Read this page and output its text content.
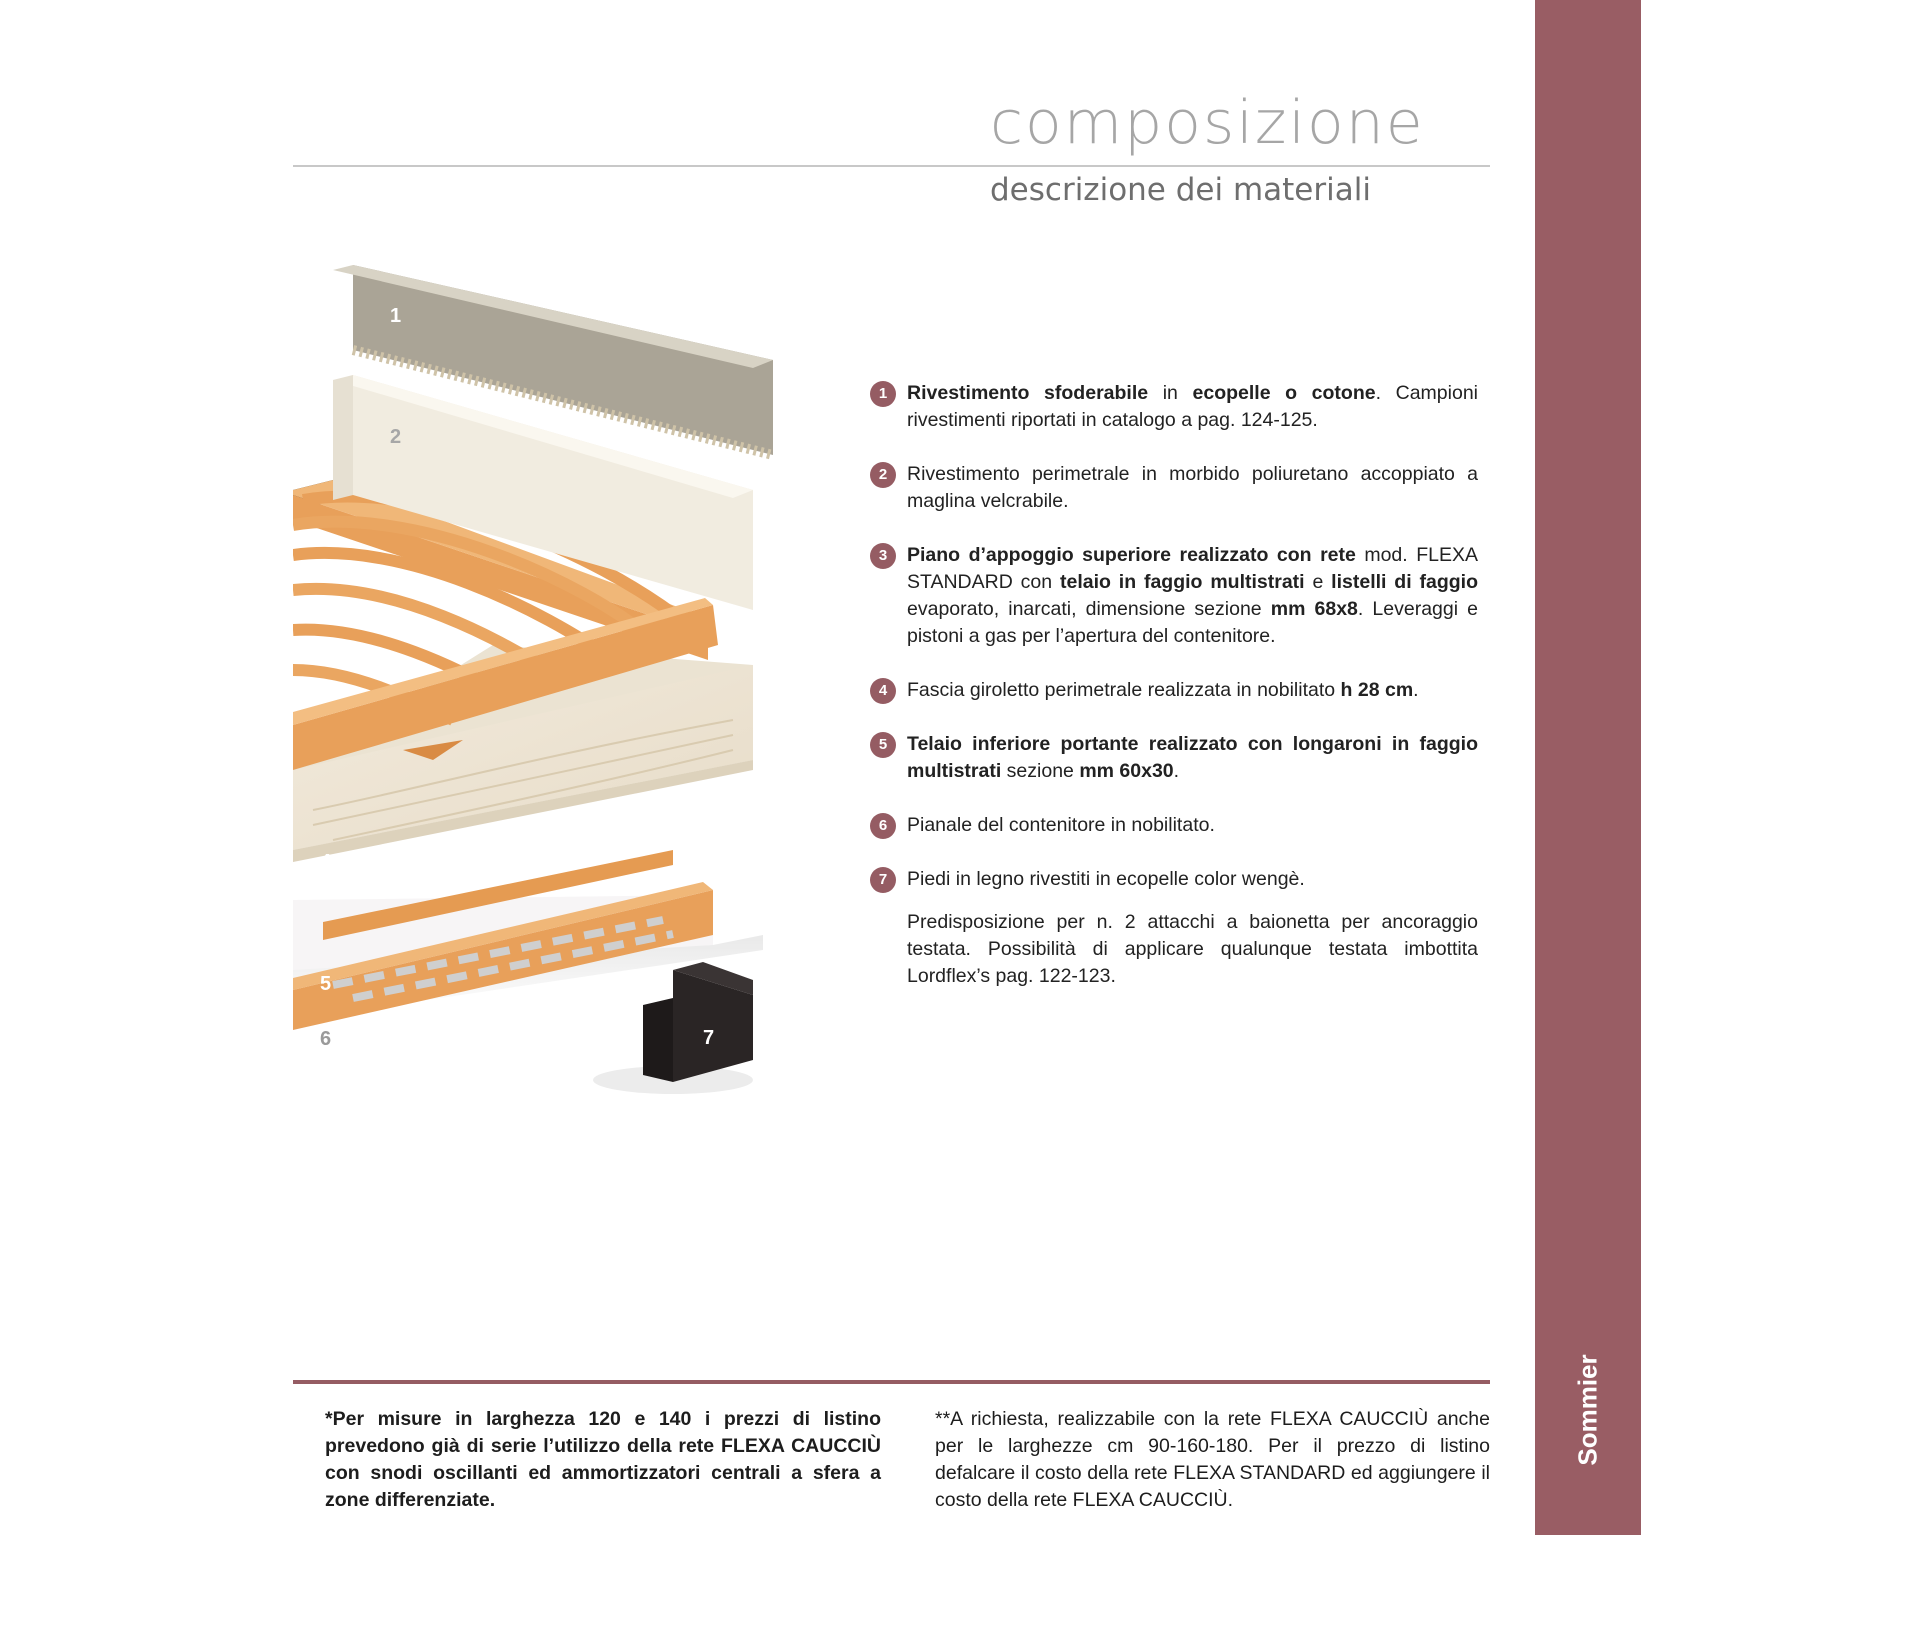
composizione
descrizione dei materiali
1
2
3
4
5
6	7
1	Rivestimento sfoderabile in ecopelle o cotone. Campioni rivestimenti riportati in catalogo a pag. 124-125.
2	Rivestimento perimetrale in morbido poliuretano accoppiato a maglina velcrabile.
3	Piano d’appoggio superiore realizzato con rete mod. FLEXA STANDARD con telaio in faggio multistrati e listelli di faggio evaporato, inarcati, dimensione sezione mm 68x8. Leveraggi e pistoni a gas per l’apertura del contenitore.
4	Fascia giroletto perimetrale realizzata in nobilitato h 28 cm.
5	Telaio inferiore portante realizzato con longaroni in faggio multistrati sezione mm 60x30.
6	Pianale del contenitore in nobilitato.
7	Piedi in legno rivestiti in ecopelle color wengè.
Predisposizione per n. 2 attacchi a baionetta per ancoraggio testata. Possibilità di applicare qualunque testata imbottita Lordflex’s pag. 122-123.
*Per misure in larghezza 120 e 140 i prezzi di listino prevedono già di serie l’utilizzo della rete FLEXA CAUCCIÙ con snodi oscillanti ed ammortizzatori centrali a sfera a zone differenziate.
**A richiesta, realizzabile con la rete FLEXA CAUCCIÙ anche per le larghezze cm 90-160-180. Per il prezzo di listino defalcare il costo della rete FLEXA STANDARD ed aggiungere il costo della rete FLEXA CAUCCIÙ.
Sommier
